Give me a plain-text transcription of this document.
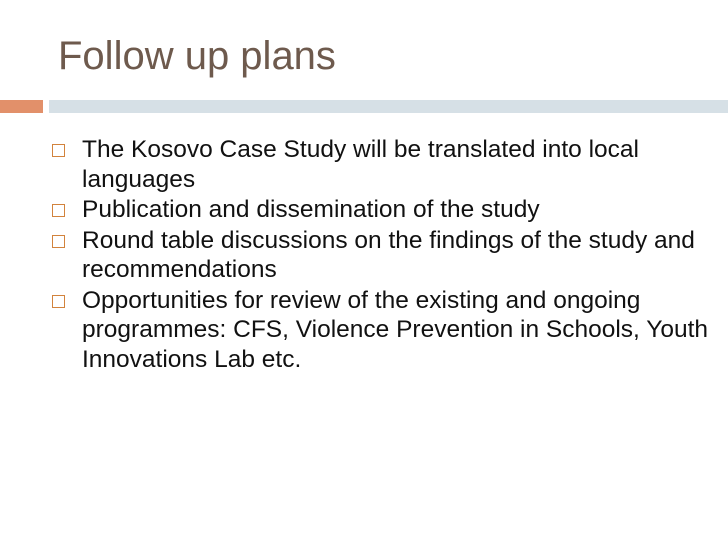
Follow up plans
The Kosovo Case Study will be translated into local languages
Publication and dissemination of the study
Round table discussions on the findings of the study and recommendations
Opportunities for review of the existing and ongoing programmes: CFS, Violence Prevention in Schools, Youth Innovations Lab etc.
